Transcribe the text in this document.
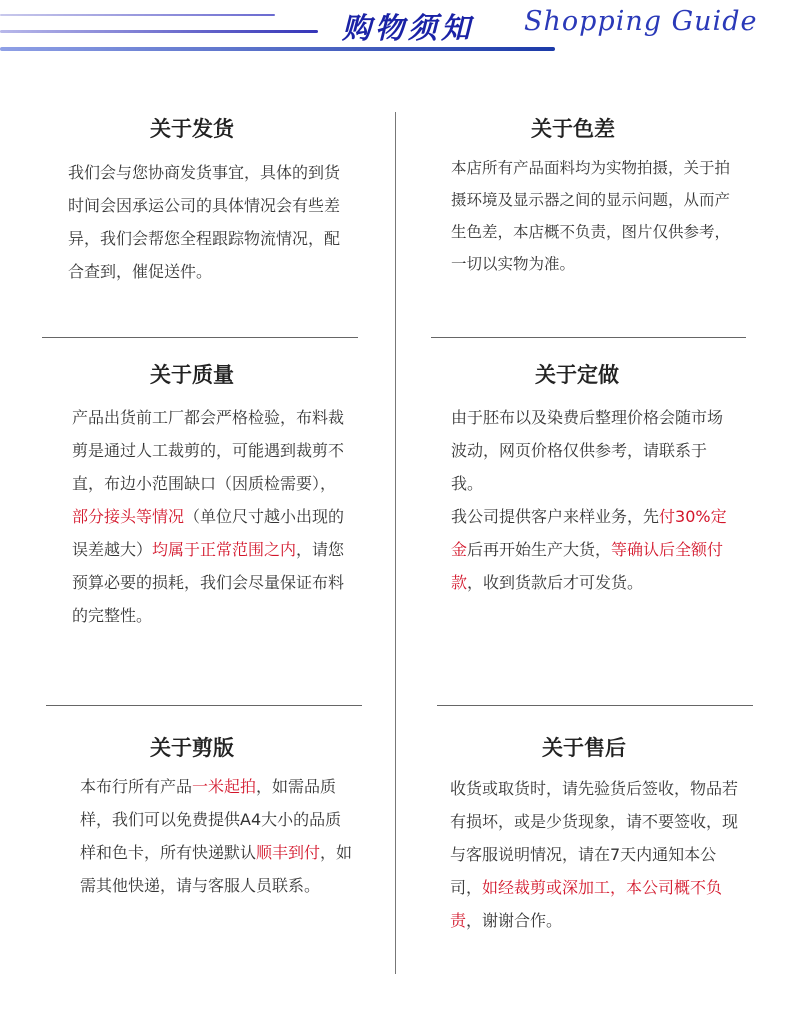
购物须知 Shopping Guide
关于发货
我们会与您协商发货事宜，具体的到货时间会因承运公司的具体情况会有些差异，我们会帮您全程跟踪物流情况，配合查到，催促送件。
关于色差
本店所有产品面料均为实物拍摄，关于拍摄环境及显示器之间的显示问题，从而产生色差，本店概不负责，图片仅供参考，一切以实物为准。
关于质量
产品出货前工厂都会严格检验，布料裁剪是通过人工裁剪的，可能遇到裁剪不直，布边小范围缺口（因质检需要），部分接头等情况（单位尺寸越小出现的误差越大）均属于正常范围之内，请您预算必要的损耗，我们会尽量保证布料的完整性。
关于定做
由于胚布以及染费后整理价格会随市场波动，网页价格仅供参考，请联系于我。
我公司提供客户来样业务，先付30%定金后再开始生产大货，等确认后全额付款，收到货款后才可发货。
关于剪版
本布行所有产品一米起拍，如需品质样，我们可以免费提供A4大小的品质样和色卡，所有快递默认顺丰到付，如需其他快递，请与客服人员联系。
关于售后
收货或取货时，请先验货后签收，物品若有损坏，或是少货现象，请不要签收，现与客服说明情况，请在7天内通知本公司，如经裁剪或深加工，本公司概不负责，谢谢合作。
